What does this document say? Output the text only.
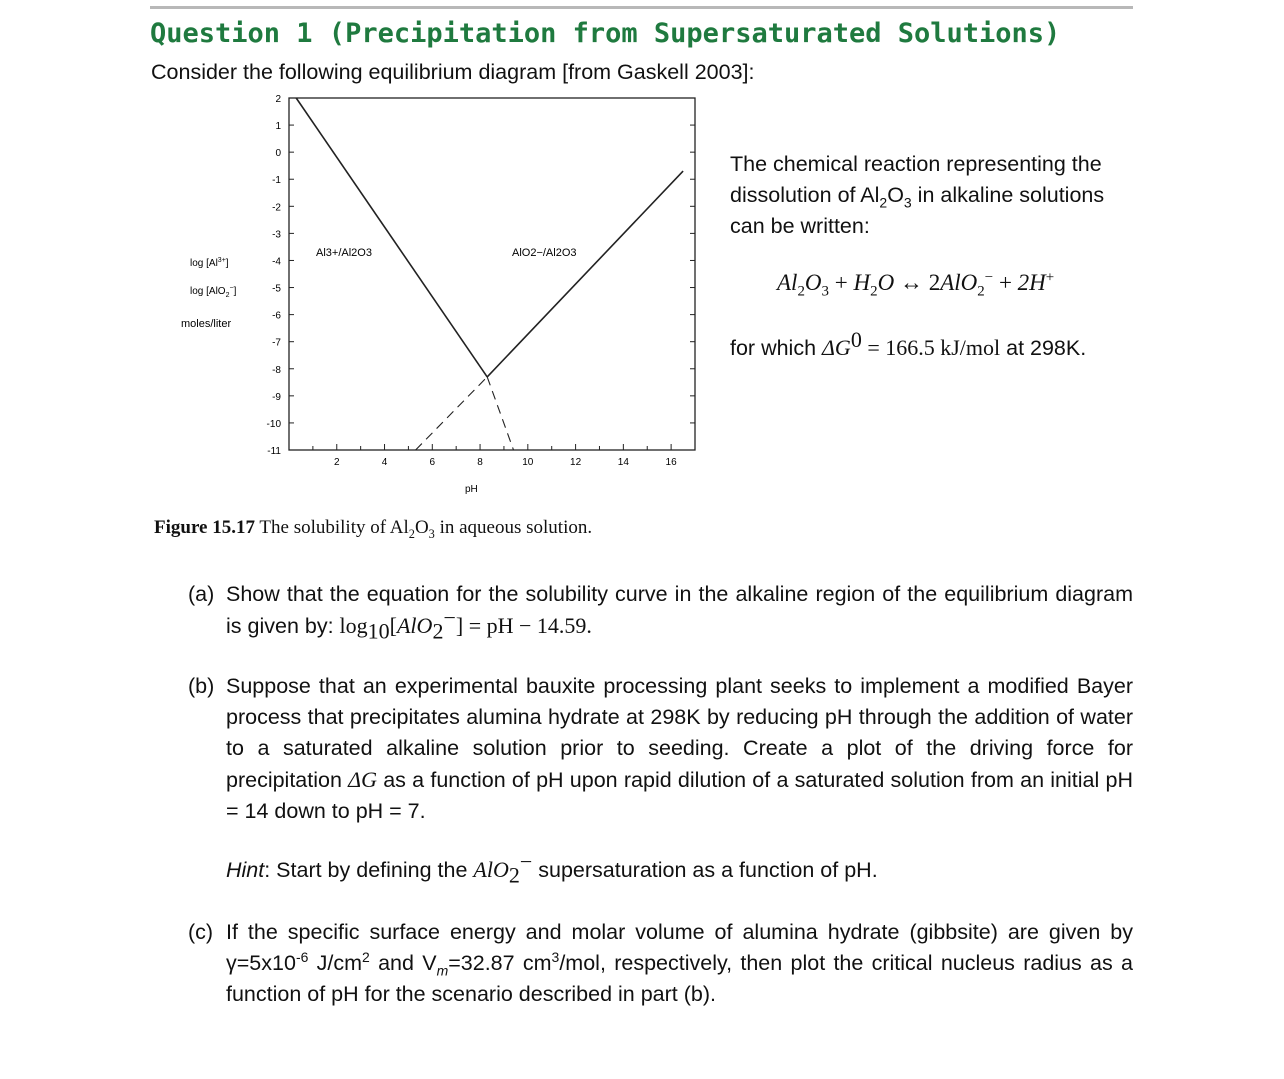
Question 1 (Precipitation from Supersaturated Solutions)
Consider the following equilibrium diagram [from Gaskell 2003]:
2
1
0
-1
-2
-3
-4
-5
-6
-7
-8
-9
-10
-11
2	4	6	8	10	12	14	16
$\log [Al^{3+}]$
log [AlO$_2$−]
moles/liter
pH
Al3+/Al2O3	AlO2−/Al2O3
Figure 15.17 The solubility of $Al_2O_3$ in aqueous solution.
The chemical reaction representing the dissolution of $Al_2O_3$ in alkaline solutions can be written:
$Al_2O_3 + H_2O$ ↔ 2AlO$_2$− + 2H+
for which $\Delta G^0 = 166.5$ kJ/mol at 298K.
(a) Show that the equation for the solubility curve in the alkaline region of the equilibrium diagram is given by: $\log_{10}[AlO_2^-]$ = pH − 14.59.
(b) Suppose that an experimental bauxite processing plant seeks to implement a modified Bayer process that precipitates alumina hydrate at 298K by reducing pH through the addition of water to a saturated alkaline solution prior to seeding. Create a plot of the driving force for precipitation ΔG as a function of pH upon rapid dilution of a saturated solution from an initial pH = 14 down to pH = 7.
Hint: Start by defining the AlO$_2$− supersaturation as a function of pH.
(c) If the specific surface energy and molar volume of alumina hydrate (gibbsite) are given by $\gamma=5x10^{-6}$ $J/cm^2$ and $V_m=32.87$ $cm^3$/mol, respectively, then plot the critical nucleus radius as a function of pH for the scenario described in part (b).
